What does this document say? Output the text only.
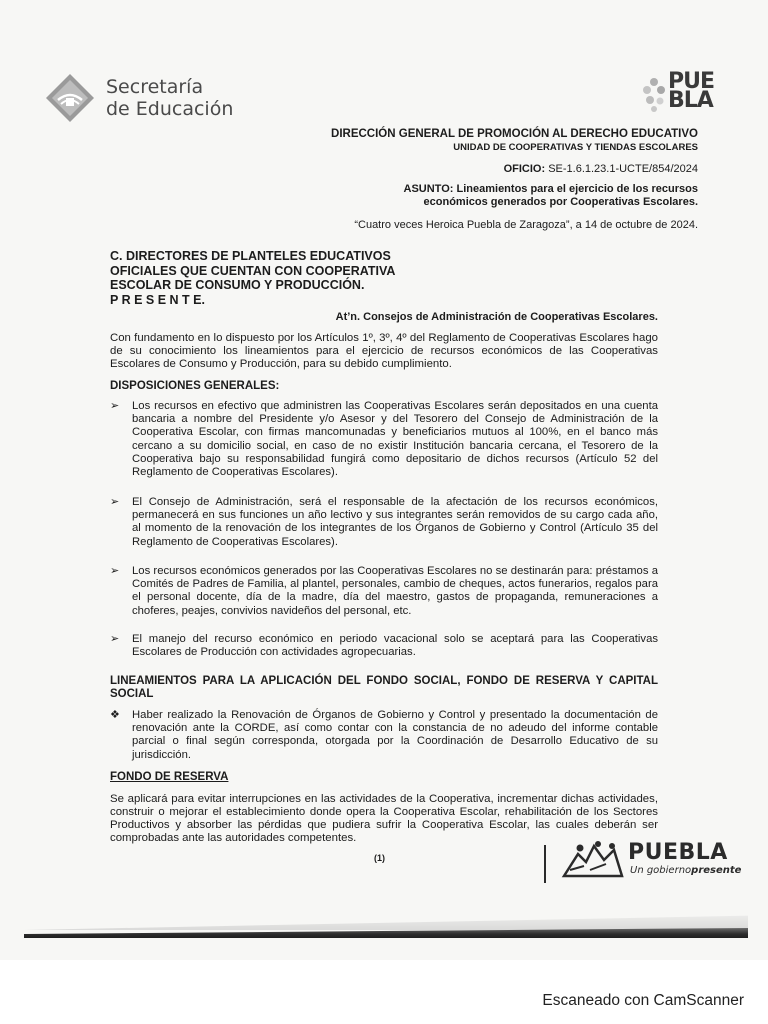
Secretaría
de Educación
PUE
BLA
DIRECCIÓN GENERAL DE PROMOCIÓN AL DERECHO EDUCATIVO
UNIDAD DE COOPERATIVAS Y TIENDAS ESCOLARES
OFICIO: SE-1.6.1.23.1-UCTE/854/2024
ASUNTO: Lineamientos para el ejercicio de los recursos
económicos generados por Cooperativas Escolares.
“Cuatro veces Heroica Puebla de Zaragoza”, a 14 de octubre de 2024.
C. DIRECTORES DE PLANTELES EDUCATIVOS
OFICIALES QUE CUENTAN CON COOPERATIVA
ESCOLAR DE CONSUMO Y PRODUCCIÓN.
P R E S E N T E.
At’n. Consejos de Administración de Cooperativas Escolares.
Con fundamento en lo dispuesto por los Artículos 1º, 3º, 4º del Reglamento de Cooperativas Escolares hago de su conocimiento los lineamientos para el ejercicio de recursos económicos de las Cooperativas Escolares de Consumo y Producción, para su debido cumplimiento.
DISPOSICIONES GENERALES:
➢	Los recursos en efectivo que administren las Cooperativas Escolares serán depositados en una cuenta bancaria a nombre del Presidente y/o Asesor y del Tesorero del Consejo de Administración de la Cooperativa Escolar, con firmas mancomunadas y beneficiarios mutuos al 100%, en el banco más cercano a su domicilio social, en caso de no existir Institución bancaria cercana, el Tesorero de la Cooperativa bajo su responsabilidad fungirá como depositario de dichos recursos (Artículo 52 del Reglamento de Cooperativas Escolares).
➢	El Consejo de Administración, será el responsable de la afectación de los recursos económicos, permanecerá en sus funciones un año lectivo y sus integrantes serán removidos de su cargo cada año, al momento de la renovación de los integrantes de los Órganos de Gobierno y Control (Artículo 35 del Reglamento de Cooperativas Escolares).
➢	Los recursos económicos generados por las Cooperativas Escolares no se destinarán para: préstamos a Comités de Padres de Familia, al plantel, personales, cambio de cheques, actos funerarios, regalos para el personal docente, día de la madre, día del maestro, gastos de propaganda, remuneraciones a choferes, peajes, convivios navideños del personal, etc.
➢	El manejo del recurso económico en periodo vacacional solo se aceptará para las Cooperativas Escolares de Producción con actividades agropecuarias.
LINEAMIENTOS PARA LA APLICACIÓN DEL FONDO SOCIAL, FONDO DE RESERVA Y CAPITAL SOCIAL
❖	Haber realizado la Renovación de Órganos de Gobierno y Control y presentado la documentación de renovación ante la CORDE, así como contar con la constancia de no adeudo del informe contable parcial o final según corresponda, otorgada por la Coordinación de Desarrollo Educativo de su jurisdicción.
FONDO DE RESERVA
Se aplicará para evitar interrupciones en las actividades de la Cooperativa, incrementar dichas actividades, construir o mejorar el establecimiento donde opera la Cooperativa Escolar, rehabilitación de los Sectores Productivos y absorber las pérdidas que pudiera sufrir la Cooperativa Escolar, las cuales deberán ser comprobadas ante las autoridades competentes.
(1)	PUEBLA
Un gobiernopresente
Escaneado con CamScanner
